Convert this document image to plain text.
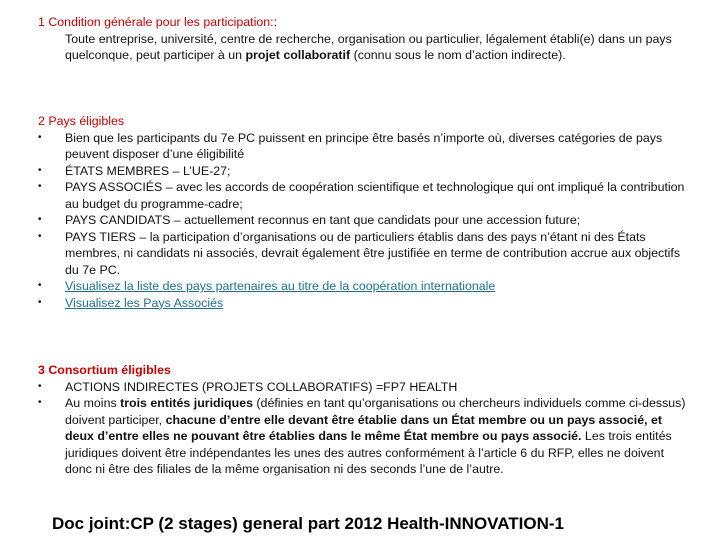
1 Condition générale pour les participation::
Toute entreprise, université, centre de recherche, organisation ou particulier, légalement établi(e) dans un pays quelconque, peut participer à un projet collaboratif (connu sous le nom d’action indirecte).
2 Pays éligibles
•	Bien que les participants du 7e PC puissent en principe être basés n’importe où, diverses catégories de pays peuvent disposer d’une éligibilité
•	ÉTATS MEMBRES – L’UE-27;
•	PAYS ASSOCIÉS – avec les accords de coopération scientifique et technologique qui ont impliqué la contribution au budget du programme-cadre;
•	PAYS CANDIDATS – actuellement reconnus en tant que candidats pour une accession future;
•	PAYS TIERS – la participation d’organisations ou de particuliers établis dans des pays n’étant ni des États membres, ni candidats ni associés, devrait également être justifiée en terme de contribution accrue aux objectifs du 7e PC.
•	Visualisez la liste des pays partenaires au titre de la coopération internationale
•	Visualisez les Pays Associés
3 Consortium éligibles
•	ACTIONS INDIRECTES (PROJETS COLLABORATIFS) =FP7 HEALTH
•	Au moins trois entités juridiques (définies en tant qu’organisations ou chercheurs individuels comme ci-dessus) doivent participer, chacune d’entre elle devant être établie dans un État membre ou un pays associé, et deux d’entre elles ne pouvant être établies dans le même État membre ou pays associé. Les trois entités juridiques doivent être indépendantes les unes des autres conformément à l’article 6 du RFP, elles ne doivent donc ni être des filiales de la même organisation ni des seconds l’une de l’autre.
Doc joint:CP (2 stages) general part 2012 Health-INNOVATION-1
